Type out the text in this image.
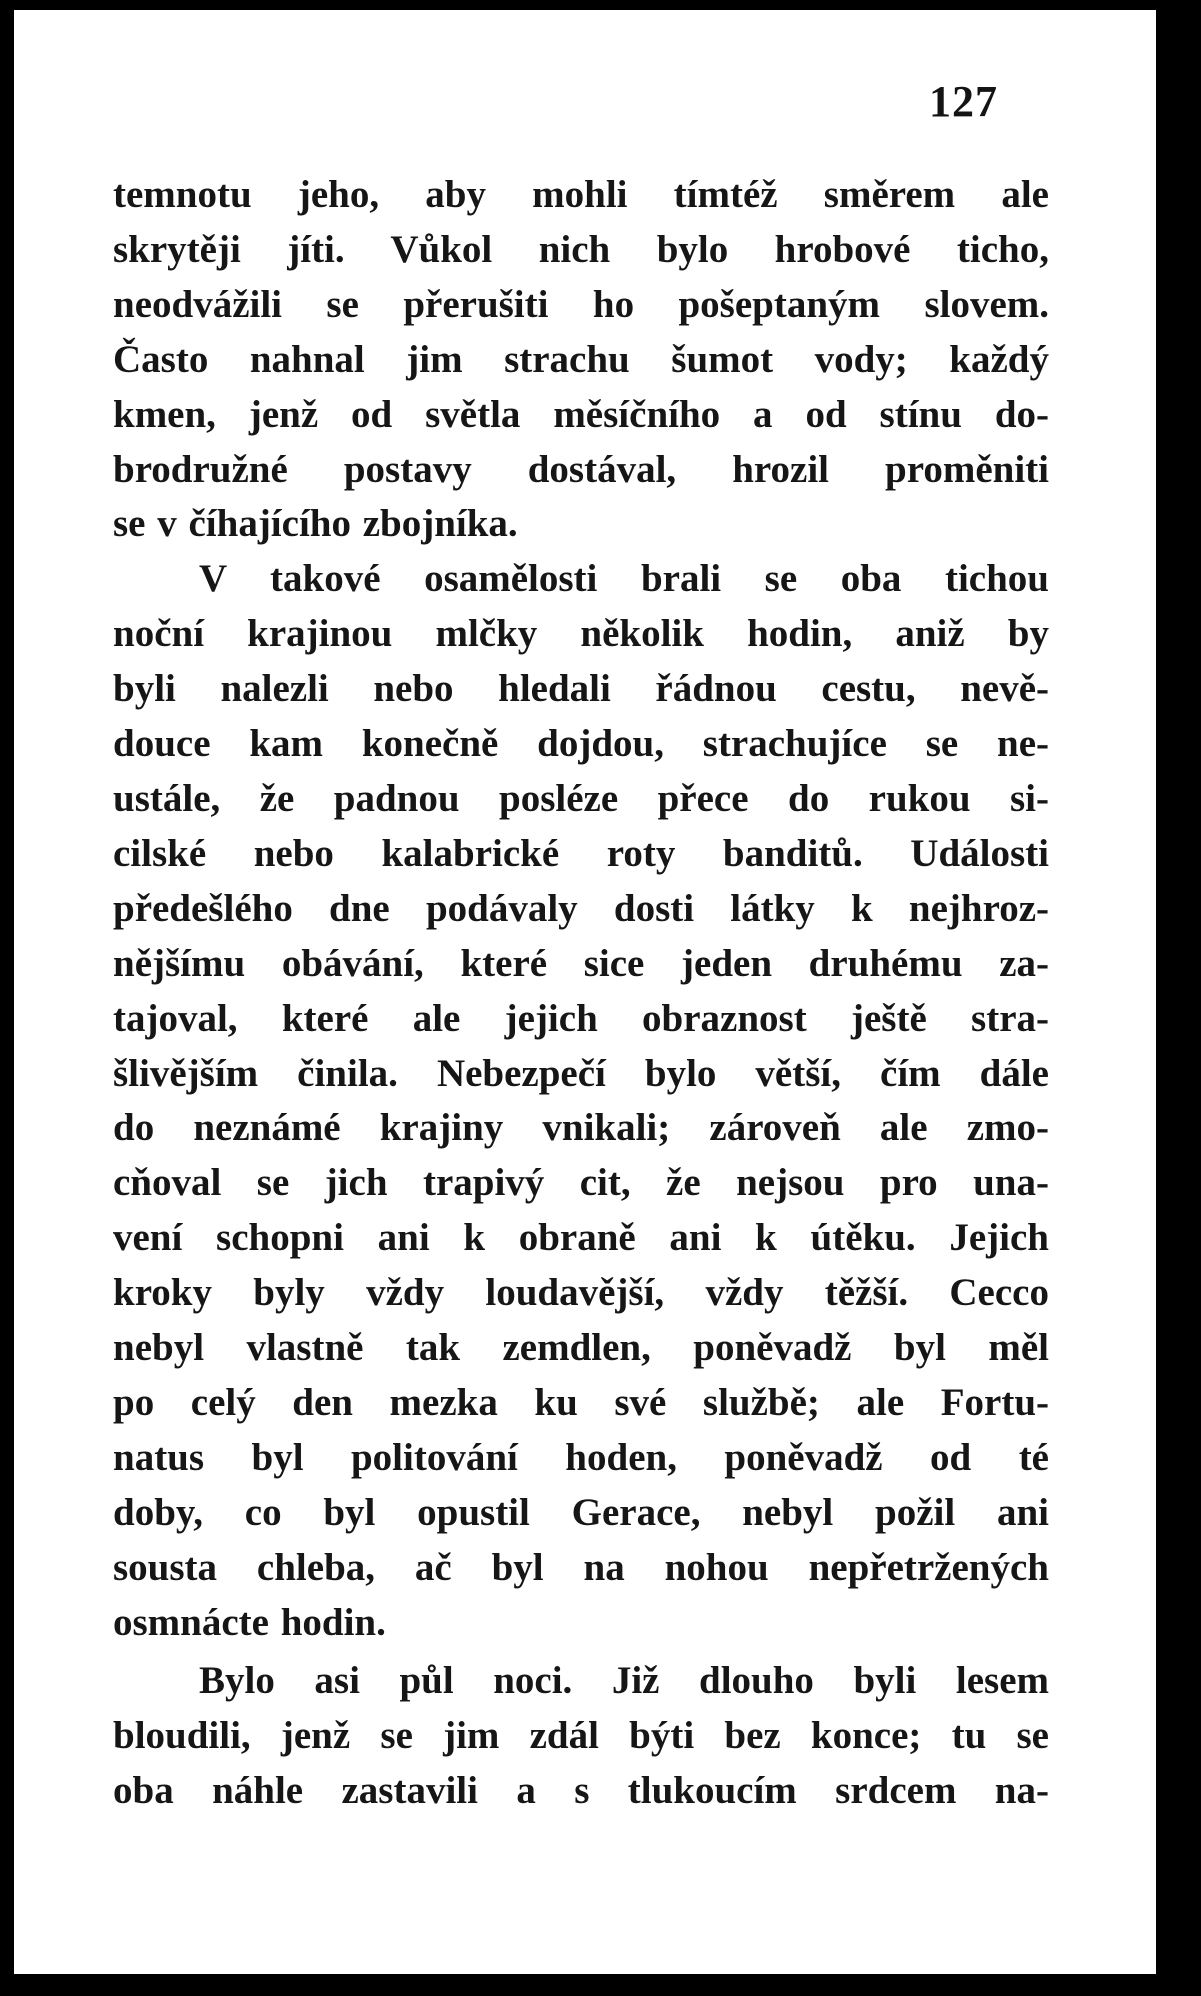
127
temnotu jeho, aby mohli tímtéž směrem ale
skrytěji jíti. Vůkol nich bylo hrobové ticho,
neodvážili se přerušiti ho pošeptaným slovem.
Často nahnal jim strachu šumot vody; každý
kmen, jenž od světla měsíčního a od stínu do-
brodružné postavy dostával, hrozil proměniti
se v číhajícího zbojníka.
V takové osamělosti brali se oba tichou
noční krajinou mlčky několik hodin, aniž by
byli nalezli nebo hledali řádnou cestu, nevě-
douce kam konečně dojdou, strachujíce se ne-
ustále, že padnou posléze přece do rukou si-
cilské nebo kalabrické roty banditů. Události
předešlého dne podávaly dosti látky k nejhroz-
nějšímu obávání, které sice jeden druhému za-
tajoval, které ale jejich obraznost ještě stra-
šlivějším činila. Nebezpečí bylo větší, čím dále
do neznámé krajiny vnikali; zároveň ale zmo-
cňoval se jich trapivý cit, že nejsou pro una-
vení schopni ani k obraně ani k útěku. Jejich
kroky byly vždy loudavější, vždy těžší. Cecco
nebyl vlastně tak zemdlen, poněvadž byl měl
po celý den mezka ku své službě; ale Fortu-
natus byl politování hoden, poněvadž od té
doby, co byl opustil Gerace, nebyl požil ani
sousta chleba, ač byl na nohou nepřetržených
osmnácte hodin.
Bylo asi půl noci. Již dlouho byli lesem
bloudili, jenž se jim zdál býti bez konce; tu se
oba náhle zastavili a s tlukoucím srdcem na-
